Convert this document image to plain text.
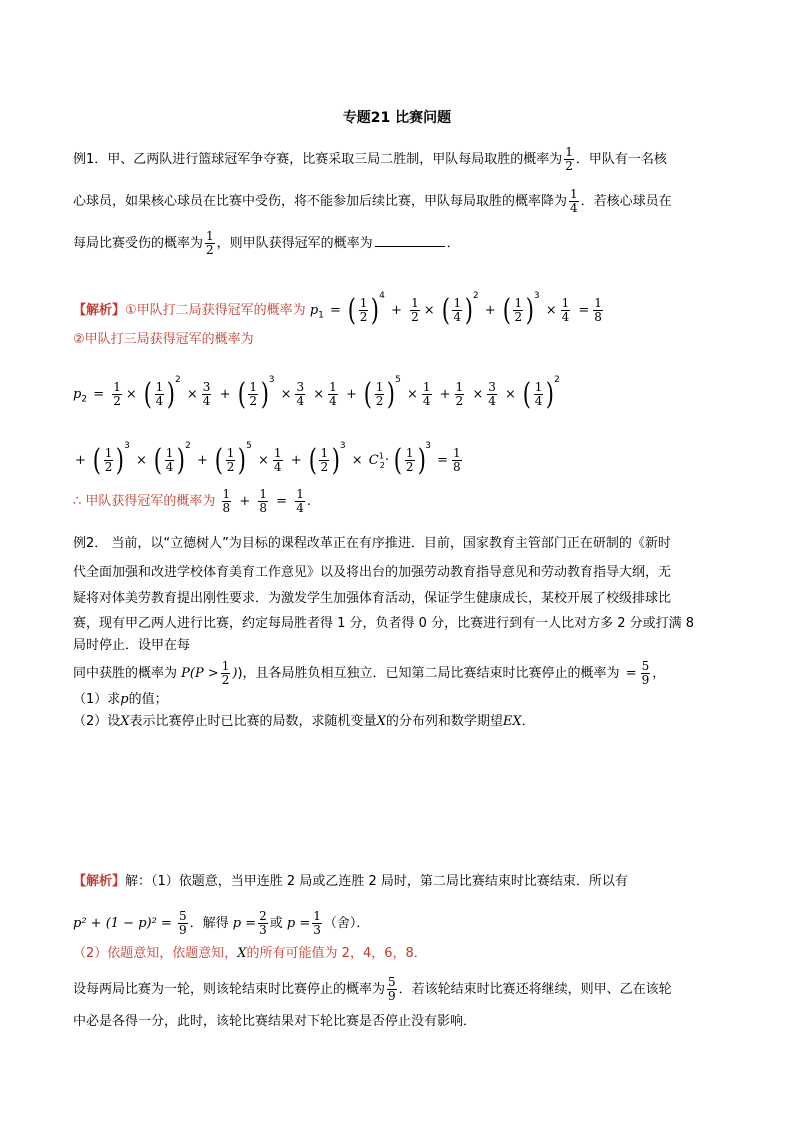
专题21 比赛问题
例1．甲、乙两队进行篮球冠军争夺赛，比赛采取三局二胜制，甲队每局取胜的概率为 $\frac{1}{2}$ ．甲队有一名核
心球员，如果核心球员在比赛中受伤，将不能参加后续比赛，甲队每局取胜的概率降为 $\frac{1}{4}$ ．若核心球员在
每局比赛受伤的概率为 $\frac{1}{2}$ ，则甲队获得冠军的概率为	．
【解析】①甲队打二局获得冠军的概率为 $p_1$ = ( $\frac{1}{2} )^4 + \frac{1}{2}$ × ( $\frac{1}{4} )^2$ + ( $\frac{1}{2} )^3 \times \frac{1}{4} = \frac{1}{8}$
②甲队打三局获得冠军的概率为
$p_2 = \frac{1}{2}$ × ( $\frac{1}{4} )^2 \times \frac{3}{4}$ + ( $\frac{1}{2} )^3 \times \frac{3}{4} \times \frac{1}{4}$ + ( $\frac{1}{2} )^5 \times \frac{1}{4} + \frac{1}{2} \times \frac{3}{4}$ × ( $\frac{1}{4} )^2$
+ ( $\frac{1}{2} )^3$ × ( $\frac{1}{4} )^2$ + ( $\frac{1}{2} )^5 \times \frac{1}{4}$ + ( $\frac{1}{2} )^3 \times C^1_2\cdot$ ( $\frac{1}{2} )^3 = \frac{1}{8}$
∴ 甲队获得冠军的概率为 $\frac{1}{8} + \frac{1}{8} = \frac{1}{4}$ .
例2． 当前，以“立德树人”为目标的课程改革正在有序推进．目前，国家教育主管部门正在研制的《新时
代全面加强和改进学校体育美育工作意见》以及将出台的加强劳动教育指导意见和劳动教育指导大纲，无
疑将对体美劳教育提出刚性要求．为激发学生加强体育活动，保证学生健康成长，某校开展了校级排球比
赛，现有甲乙两人进行比赛，约定每局胜者得 1 分，负者得 0 分，比赛进行到有一人比对方多 2 分或打满 8
局时停止．设甲在每
同中获胜的概率为 $P(P > \frac{1}{2}$ ))，且各局胜负相互独立．已知第二局比赛结束时比赛停止的概率为 = $\frac{5}{9}$ ，
（1）求p的值；
（2）设X表示比赛停止时已比赛的局数，求随机变量X的分布列和数学期望EX．
【解析】解：（1）依题意，当甲连胜 2 局或乙连胜 2 局时，第二局比赛结束时比赛结束．所以有
$p^2 + (1 - p)^2 = \frac{5}{9}$ ．解得 $p = \frac{2}{3}$ 或 $p = \frac{1}{3}$ （舍）．
（2）依题意知，依题意知，X的所有可能值为 2，4，6，8．
设每两局比赛为一轮，则该轮结束时比赛停止的概率为 $\frac{5}{9}$ ．若该轮结束时比赛还将继续，则甲、乙在该轮
中必是各得一分，此时，该轮比赛结果对下轮比赛是否停止没有影响．
